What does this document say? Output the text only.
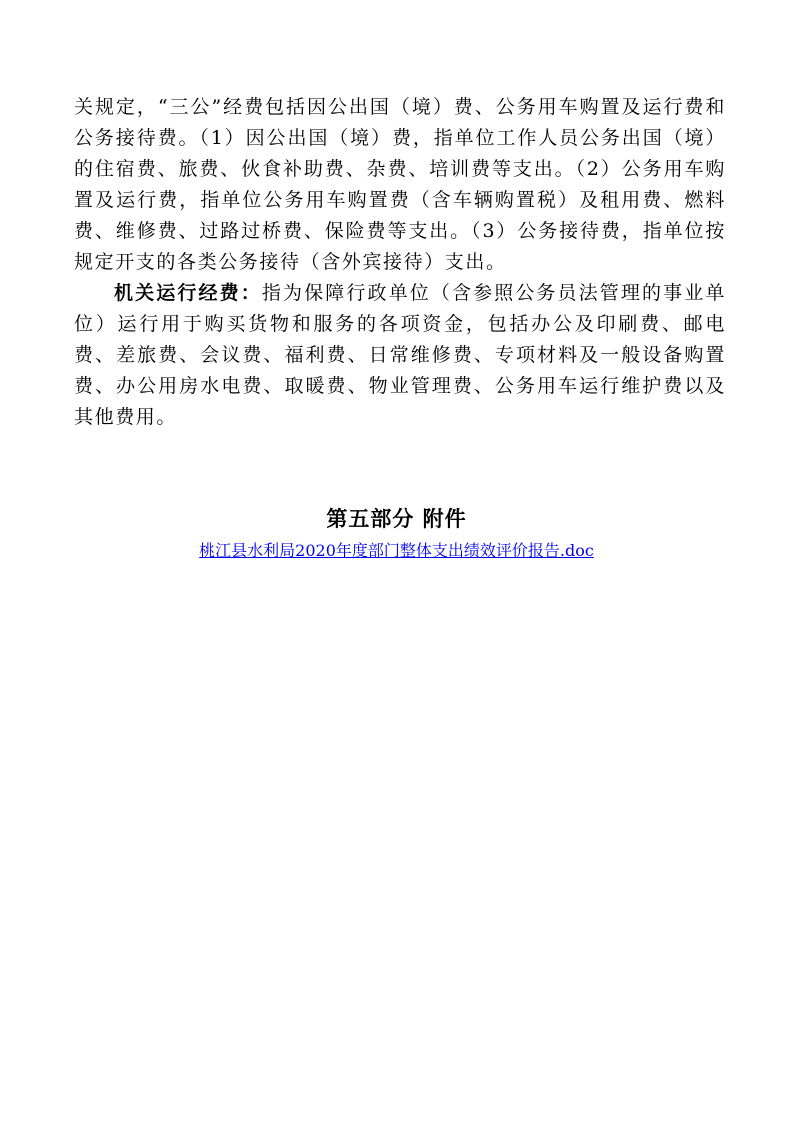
关规定，“三公”经费包括因公出国（境）费、公务用车购置及运行费和公务接待费。（1）因公出国（境）费，指单位工作人员公务出国（境）的住宿费、旅费、伙食补助费、杂费、培训费等支出。（2）公务用车购置及运行费，指单位公务用车购置费（含车辆购置税）及租用费、燃料费、维修费、过路过桥费、保险费等支出。（3）公务接待费，指单位按规定开支的各类公务接待（含外宾接待）支出。

机关运行经费：指为保障行政单位（含参照公务员法管理的事业单位）运行用于购买货物和服务的各项资金，包括办公及印刷费、邮电费、差旅费、会议费、福利费、日常维修费、专项材料及一般设备购置费、办公用房水电费、取暖费、物业管理费、公务用车运行维护费以及其他费用。

第五部分 附件
桃江县水利局2020年度部门整体支出绩效评价报告.doc
